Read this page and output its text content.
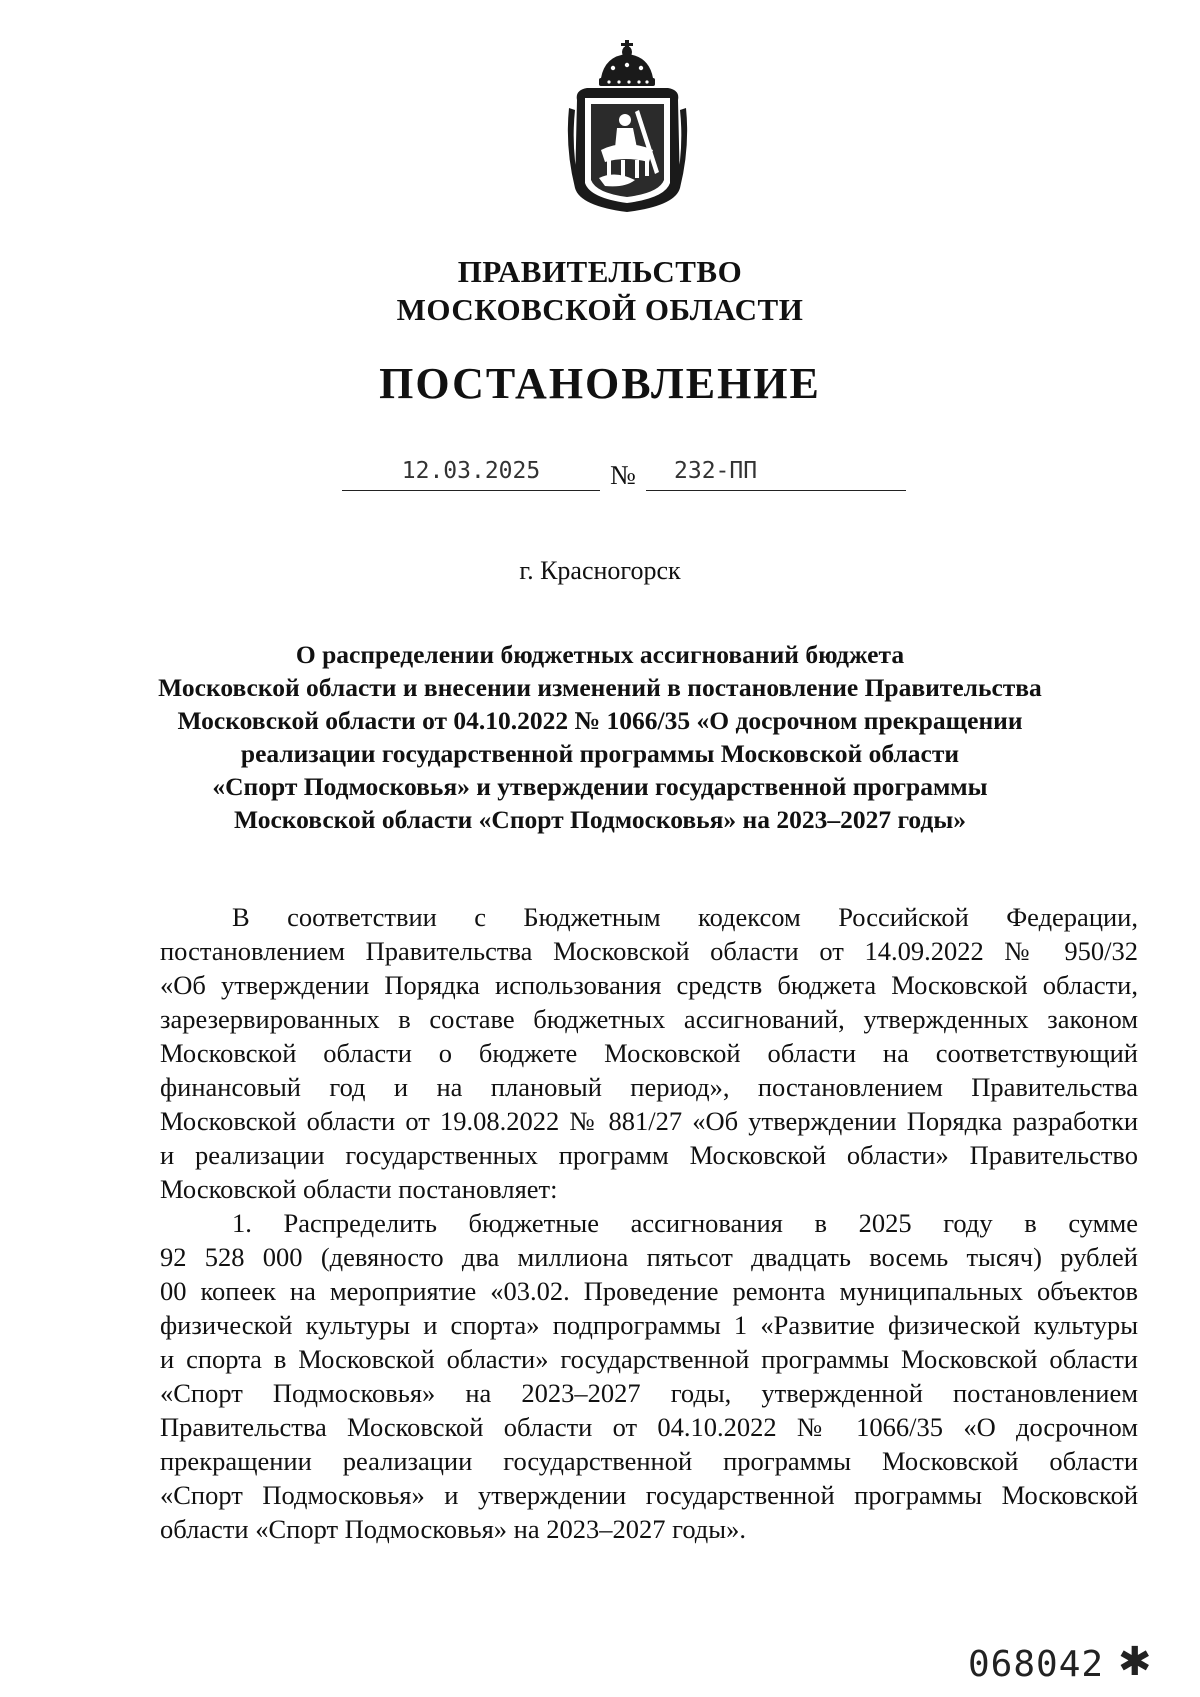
ПРАВИТЕЛЬСТВО
МОСКОВСКОЙ ОБЛАСТИ
ПОСТАНОВЛЕНИЕ
12.03.2025	№	232-ПП
г. Красногорск
О распределении бюджетных ассигнований бюджета
Московской области и внесении изменений в постановление Правительства
Московской области от 04.10.2022 № 1066/35 «О досрочном прекращении
реализации государственной программы Московской области
«Спорт Подмосковья» и утверждении государственной программы
Московской области «Спорт Подмосковья» на 2023–2027 годы»
В соответствии с Бюджетным кодексом Российской Федерации,
постановлением Правительства Московской области от 14.09.2022 № 950/32
«Об утверждении Порядка использования средств бюджета Московской области,
зарезервированных в составе бюджетных ассигнований, утвержденных законом
Московской области о бюджете Московской области на соответствующий
финансовый год и на плановый период», постановлением Правительства
Московской области от 19.08.2022 № 881/27 «Об утверждении Порядка разработки
и реализации государственных программ Московской области» Правительство
Московской области постановляет:
1. Распределить бюджетные ассигнования в 2025 году в сумме
92 528 000 (девяносто два миллиона пятьсот двадцать восемь тысяч) рублей
00 копеек на мероприятие «03.02. Проведение ремонта муниципальных объектов
физической культуры и спорта» подпрограммы 1 «Развитие физической культуры
и спорта в Московской области» государственной программы Московской области
«Спорт Подмосковья» на 2023–2027 годы, утвержденной постановлением
Правительства Московской области от 04.10.2022 № 1066/35 «О досрочном
прекращении реализации государственной программы Московской области
«Спорт Подмосковья» и утверждении государственной программы Московской
области «Спорт Подмосковья» на 2023–2027 годы».
068042 ✱
